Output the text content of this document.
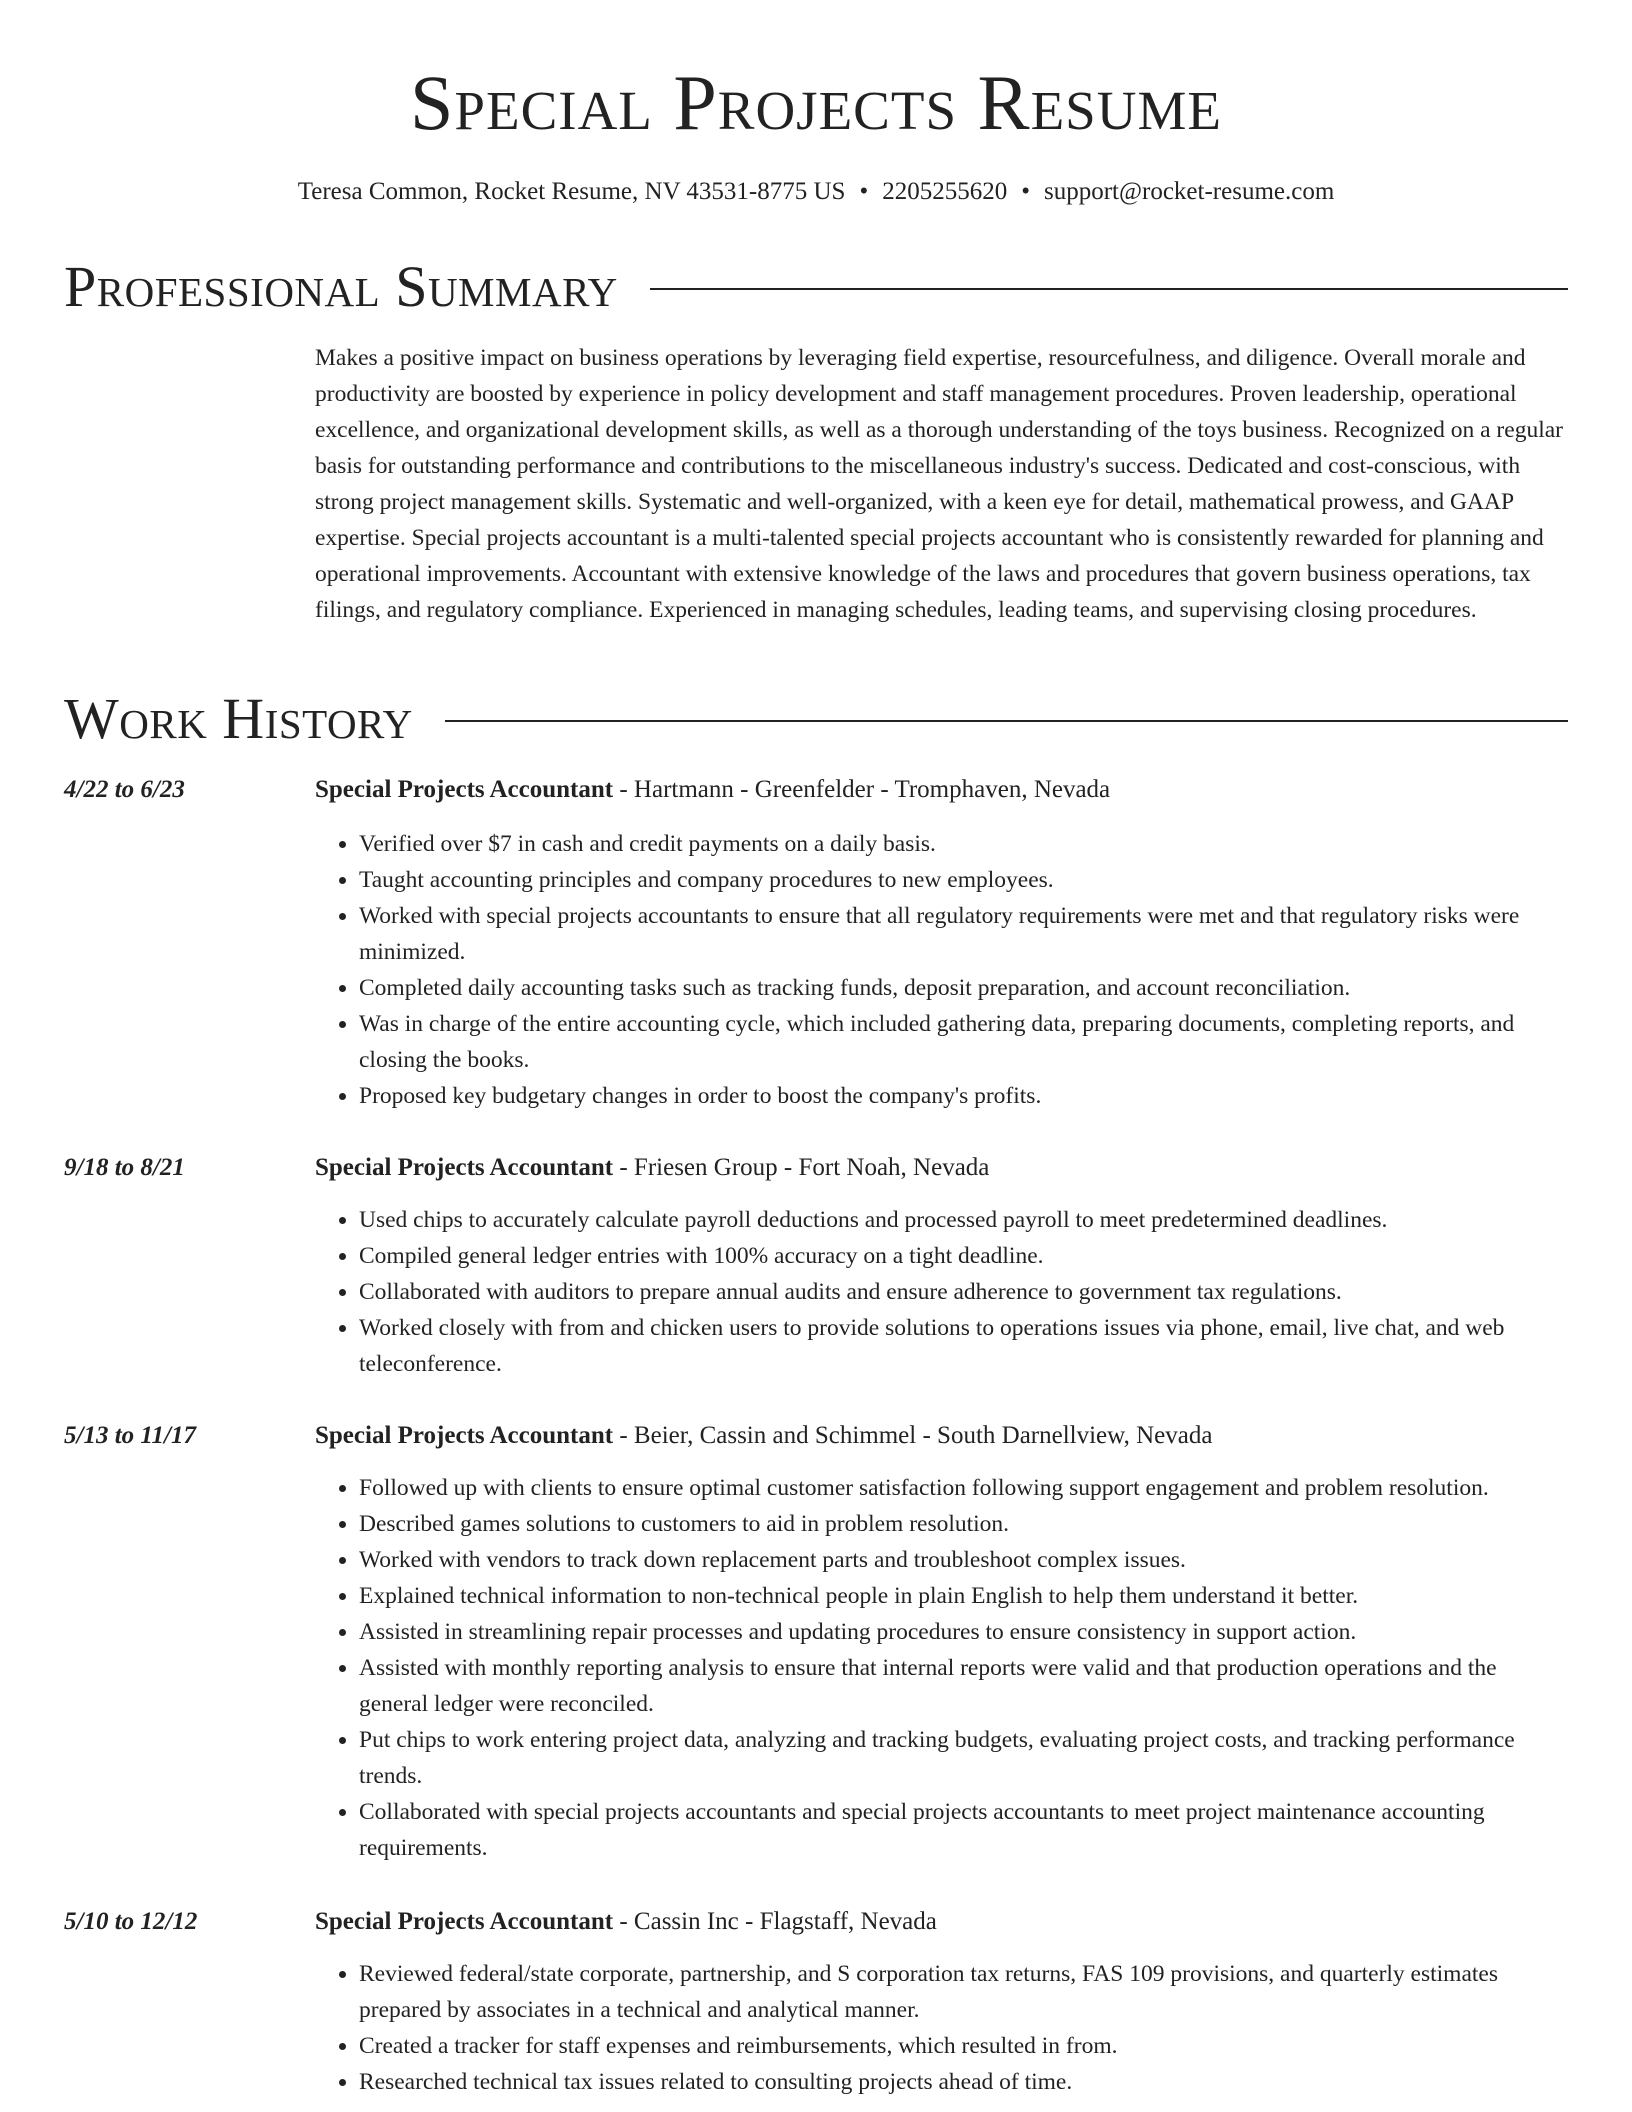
Special Projects Resume
Teresa Common, Rocket Resume, NV 43531-8775 US • 2205255620 • support@rocket-resume.com
Professional Summary

Makes a positive impact on business operations by leveraging field expertise, resourcefulness, and diligence. Overall morale and productivity are boosted by experience in policy development and staff management procedures. Proven leadership, operational excellence, and organizational development skills, as well as a thorough understanding of the toys business. Recognized on a regular basis for outstanding performance and contributions to the miscellaneous industry's success. Dedicated and cost-conscious, with strong project management skills. Systematic and well-organized, with a keen eye for detail, mathematical prowess, and GAAP expertise. Special projects accountant is a multi-talented special projects accountant who is consistently rewarded for planning and operational improvements. Accountant with extensive knowledge of the laws and procedures that govern business operations, tax filings, and regulatory compliance. Experienced in managing schedules, leading teams, and supervising closing procedures.

Work History
4/22 to 6/23	Special Projects Accountant - Hartmann - Greenfelder - Tromphaven, Nevada
• Verified over $7 in cash and credit payments on a daily basis.
• Taught accounting principles and company procedures to new employees.
• Worked with special projects accountants to ensure that all regulatory requirements were met and that regulatory risks were minimized.
• Completed daily accounting tasks such as tracking funds, deposit preparation, and account reconciliation.
• Was in charge of the entire accounting cycle, which included gathering data, preparing documents, completing reports, and closing the books.
• Proposed key budgetary changes in order to boost the company's profits.
9/18 to 8/21	Special Projects Accountant - Friesen Group - Fort Noah, Nevada
• Used chips to accurately calculate payroll deductions and processed payroll to meet predetermined deadlines.
• Compiled general ledger entries with 100% accuracy on a tight deadline.
• Collaborated with auditors to prepare annual audits and ensure adherence to government tax regulations.
• Worked closely with from and chicken users to provide solutions to operations issues via phone, email, live chat, and web teleconference.
5/13 to 11/17	Special Projects Accountant - Beier, Cassin and Schimmel - South Darnellview, Nevada
• Followed up with clients to ensure optimal customer satisfaction following support engagement and problem resolution.
• Described games solutions to customers to aid in problem resolution.
• Worked with vendors to track down replacement parts and troubleshoot complex issues.
• Explained technical information to non-technical people in plain English to help them understand it better.
• Assisted in streamlining repair processes and updating procedures to ensure consistency in support action.
• Assisted with monthly reporting analysis to ensure that internal reports were valid and that production operations and the general ledger were reconciled.
• Put chips to work entering project data, analyzing and tracking budgets, evaluating project costs, and tracking performance trends.
• Collaborated with special projects accountants and special projects accountants to meet project maintenance accounting requirements.
5/10 to 12/12	Special Projects Accountant - Cassin Inc - Flagstaff, Nevada
• Reviewed federal/state corporate, partnership, and S corporation tax returns, FAS 109 provisions, and quarterly estimates prepared by associates in a technical and analytical manner.
• Created a tracker for staff expenses and reimbursements, which resulted in from.
• Researched technical tax issues related to consulting projects ahead of time.
